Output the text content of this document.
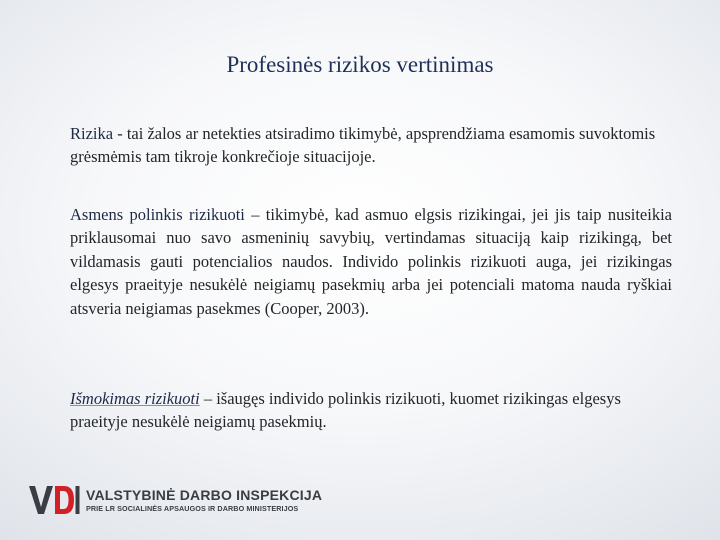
Profesinės rizikos vertinimas
Rizika - tai žalos ar netekties atsiradimo tikimybė, apsprendžiama esamomis suvoktomis grėsmėmis tam tikroje konkrečioje situacijoje.
Asmens polinkis rizikuoti – tikimybė, kad asmuo elgsis rizikingai, jei jis taip nusiteikia priklausomai nuo savo asmeninių savybių, vertindamas situaciją kaip rizikingą, bet vildamasis gauti potencialios naudos. Individo polinkis rizikuoti auga, jei rizikingas elgesys praeityje nesukėlė neigiamų pasekmių arba jei potenciali matoma nauda ryškiai atsveria neigiamas pasekmes (Cooper, 2003).
Išmokimas rizikuoti – išaugęs individo polinkis rizikuoti, kuomet rizikingas elgesys praeityje nesukėlė neigiamų pasekmių.
VALSTYBINĖ DARBO INSPEKCIJA
PRIE LR SOCIALINĖS APSAUGOS IR DARBO MINISTERIJOS
